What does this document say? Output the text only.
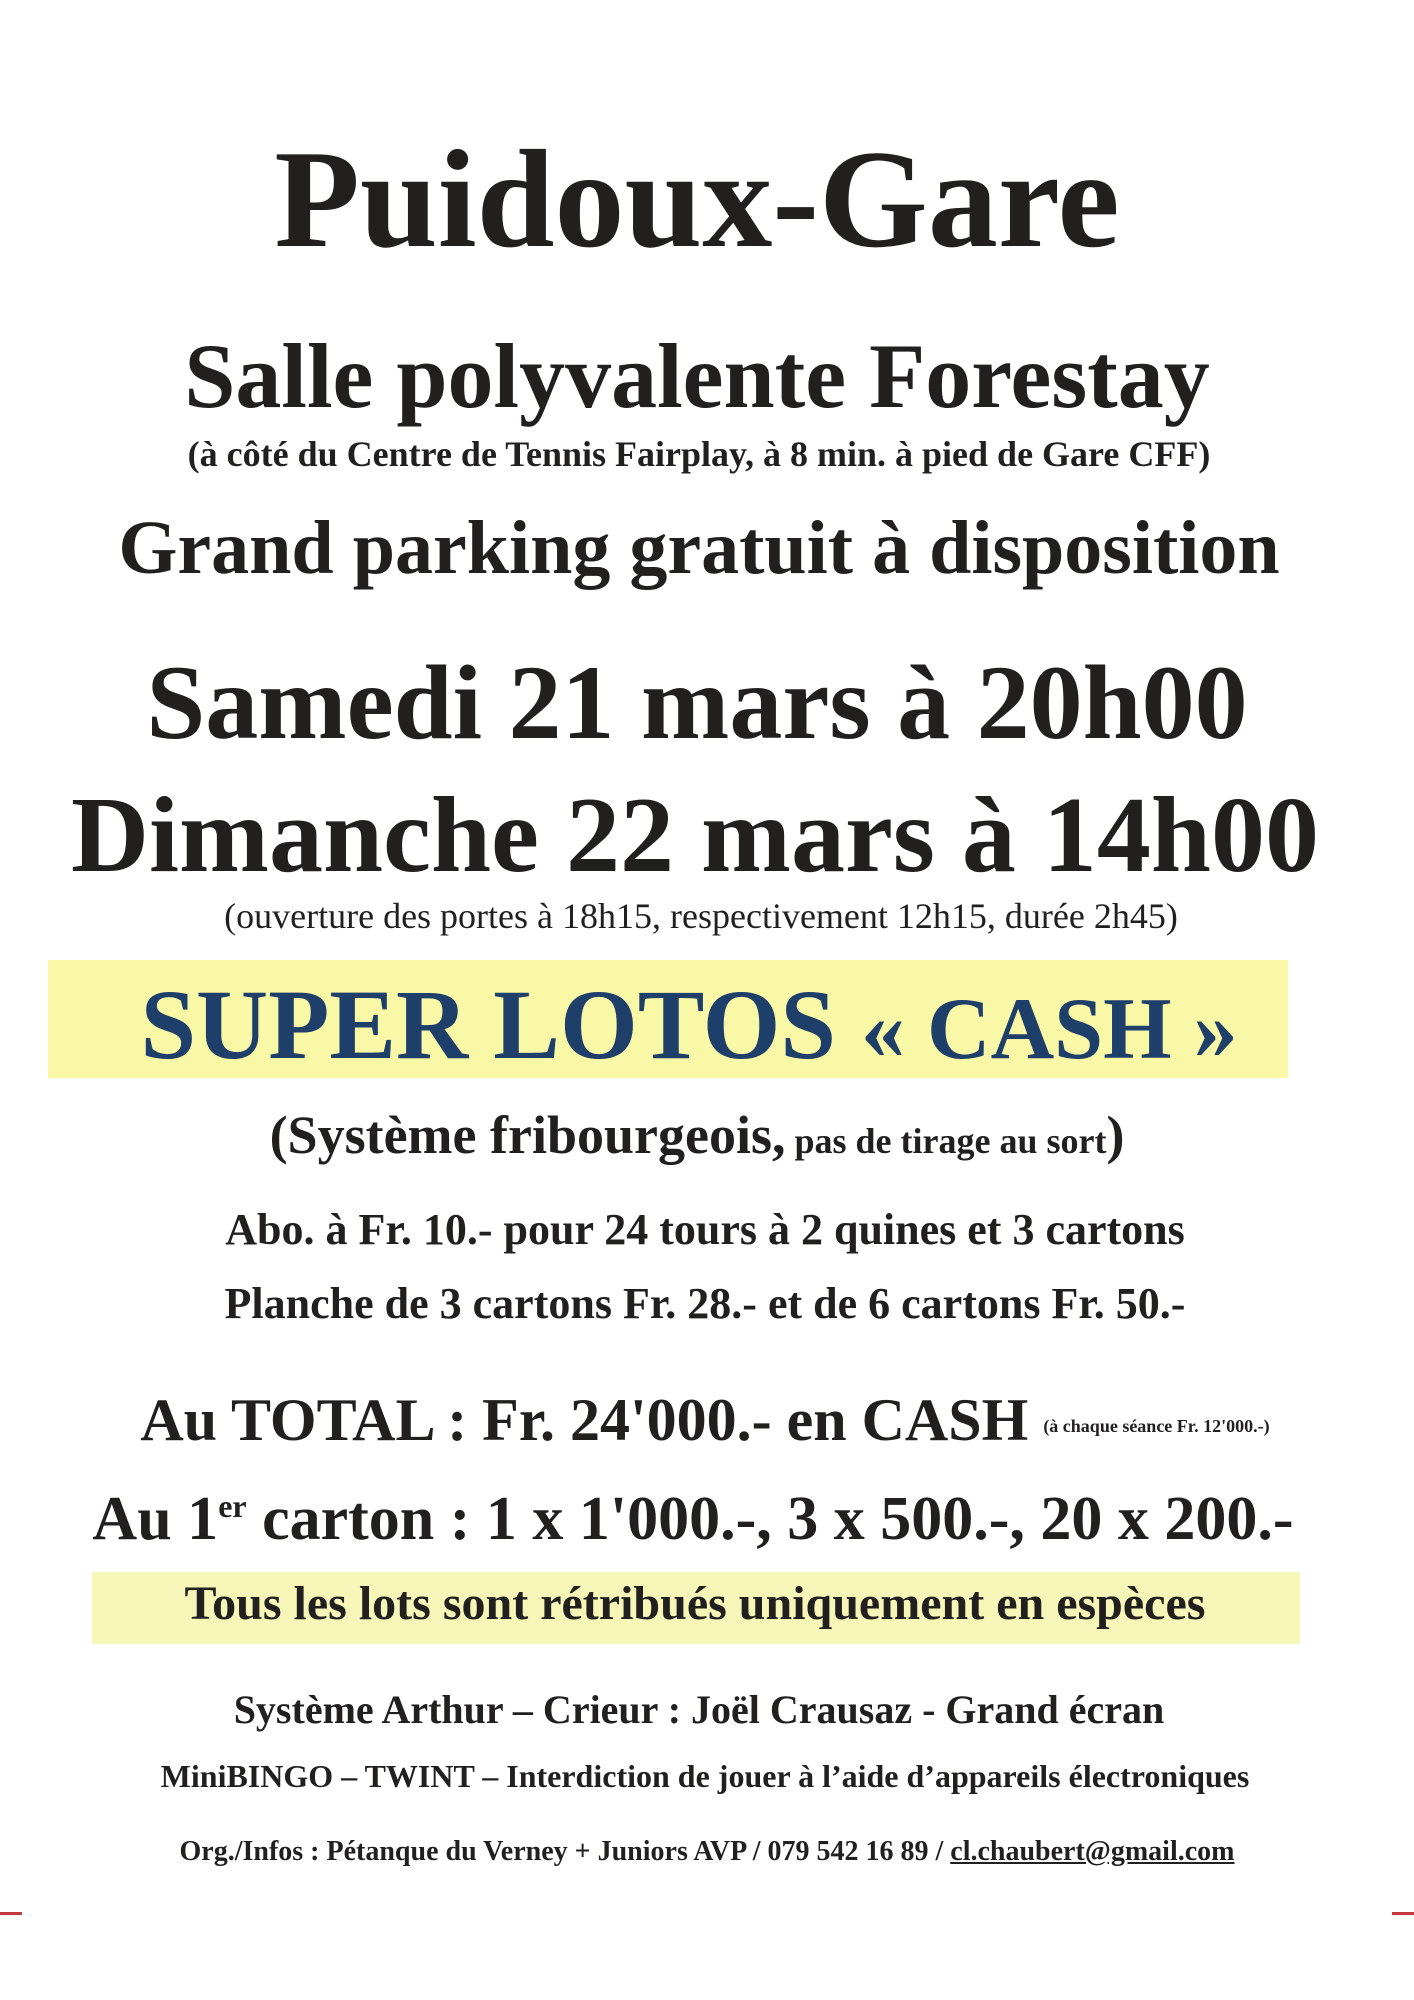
Puidoux-Gare
Salle polyvalente Forestay
(à côté du Centre de Tennis Fairplay, à 8 min. à pied de Gare CFF)
Grand parking gratuit à disposition
Samedi 21 mars à 20h00
Dimanche 22 mars à 14h00
(ouverture des portes à 18h15, respectivement 12h15, durée 2h45)
SUPER LOTOS « CASH »
(Système fribourgeois, pas de tirage au sort)
Abo. à Fr. 10.- pour 24 tours à 2 quines et 3 cartons
Planche de 3 cartons Fr. 28.- et de 6 cartons Fr. 50.-
Au TOTAL : Fr. 24'000.- en CASH (à chaque séance Fr. 12'000.-)
Au 1er carton : 1 x 1'000.-, 3 x 500.-, 20 x 200.-
Tous les lots sont rétribués uniquement en espèces
Système Arthur – Crieur : Joël Crausaz - Grand écran
MiniBINGO – TWINT – Interdiction de jouer à l’aide d’appareils électroniques
Org./Infos : Pétanque du Verney + Juniors AVP / 079 542 16 89 / cl.chaubert@gmail.com
